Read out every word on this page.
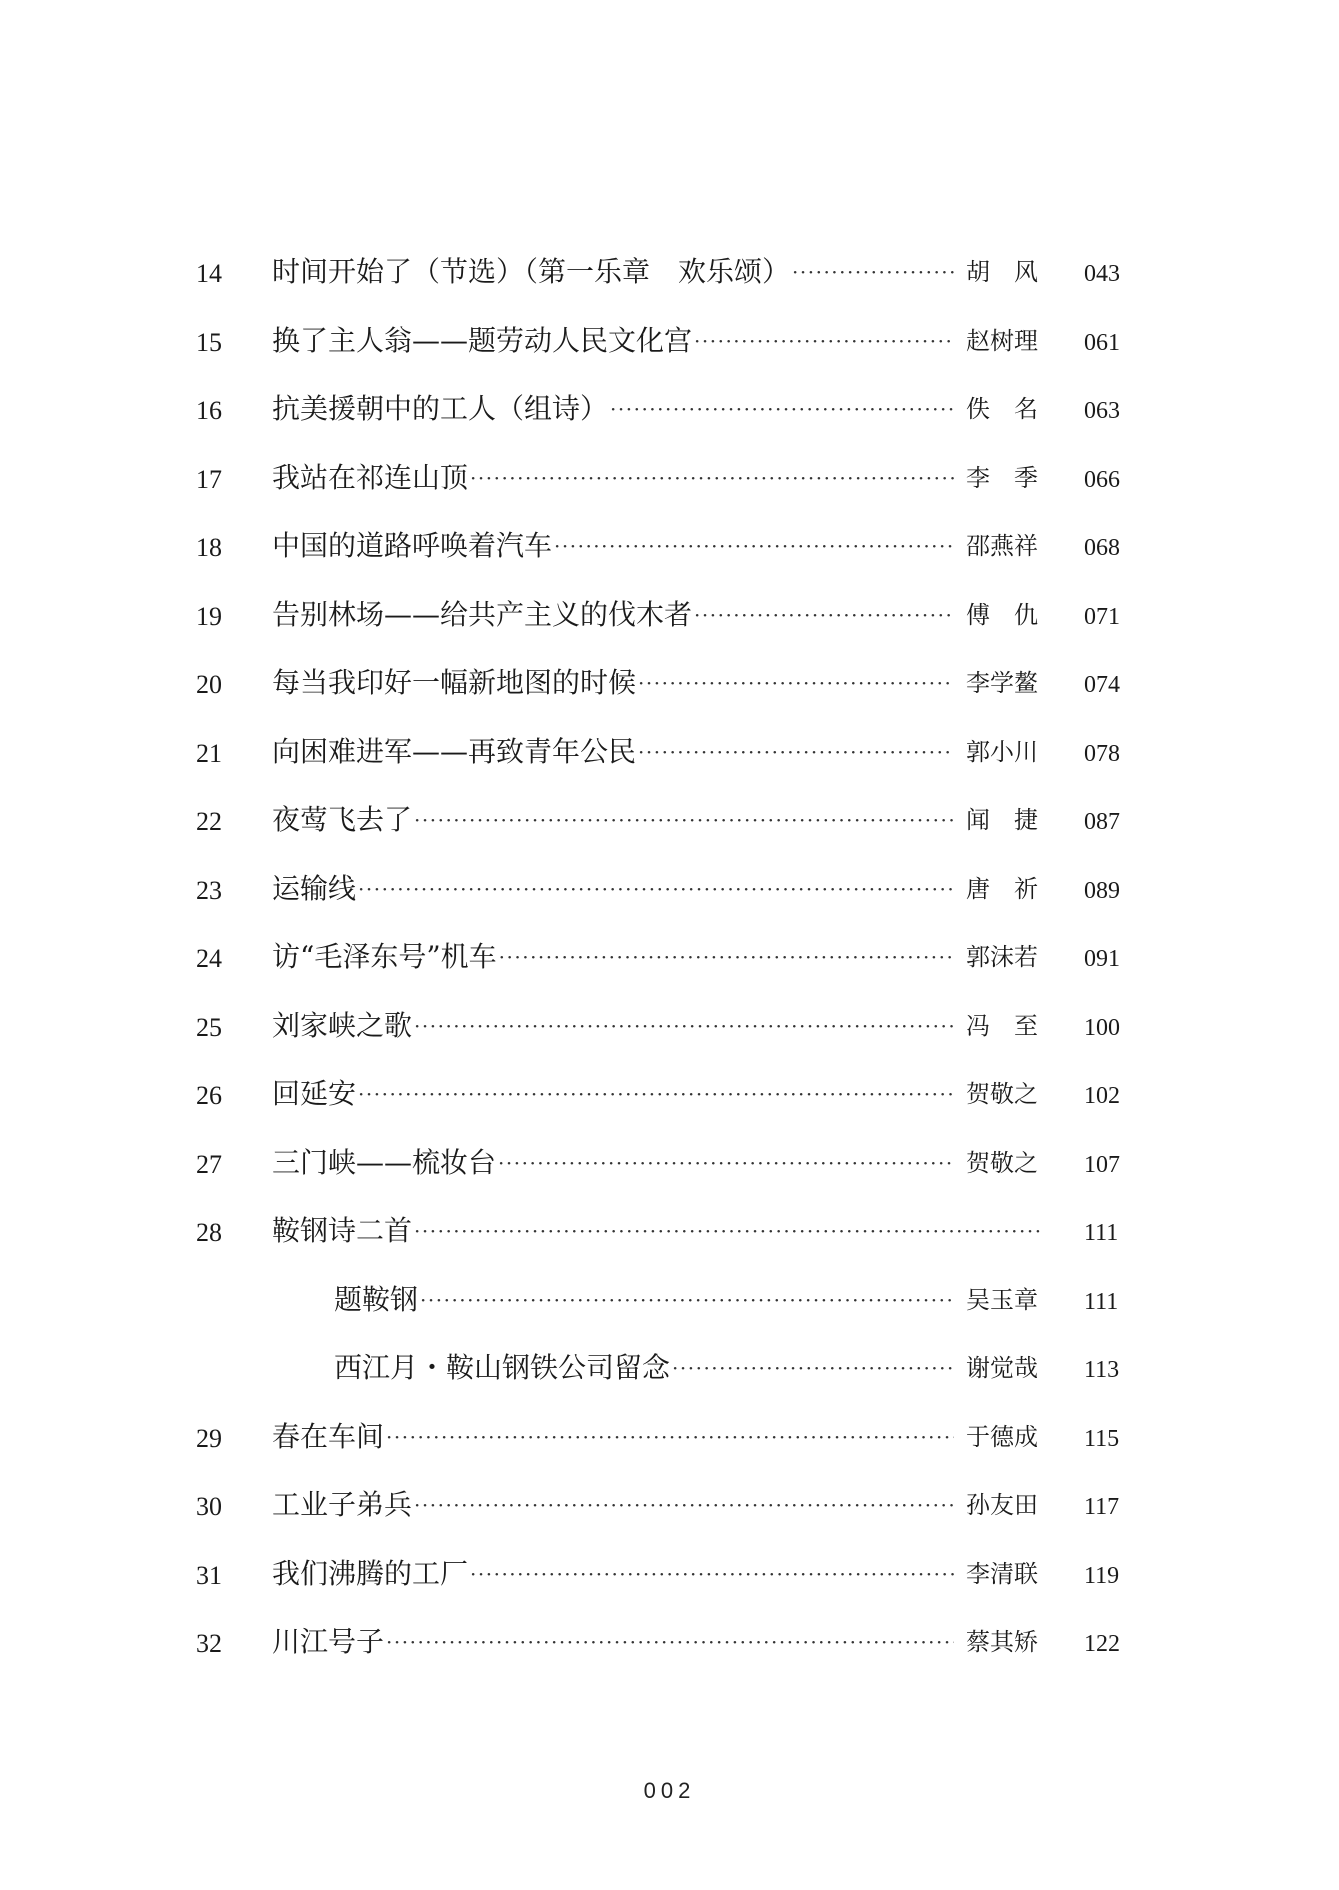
14 时间开始了（节选）（第一乐章　欢乐颂） ·····	胡　风	043
15 换了主人翁——题劳动人民文化宫 ·····	赵树理	061
16 抗美援朝中的工人（组诗） ·····	佚　名	063
17 我站在祁连山顶 ·····	李　季	066
18 中国的道路呼唤着汽车 ·····	邵燕祥	068
19 告别林场——给共产主义的伐木者 ·····	傅　仇	071
20 每当我印好一幅新地图的时候 ·····	李学鳌	074
21 向困难进军——再致青年公民 ·····	郭小川	078
22 夜莺飞去了 ·····	闻　捷	087
23 运输线 ·····	唐　祈	089
24 访“毛泽东号”机车 ·····	郭沫若	091
25 刘家峡之歌 ·····	冯　至	100
26 回延安 ·····	贺敬之	102
27 三门峡——梳妆台 ·····	贺敬之	107
28 鞍钢诗二首 ·····	111
题鞍钢 ·····	吴玉章	111
西江月・鞍山钢铁公司留念 ·····	谢觉哉	113
29 春在车间 ·····	于德成	115
30 工业子弟兵 ·····	孙友田	117
31 我们沸腾的工厂 ·····	李清联	119
32 川江号子 ·····	蔡其矫	122
002
